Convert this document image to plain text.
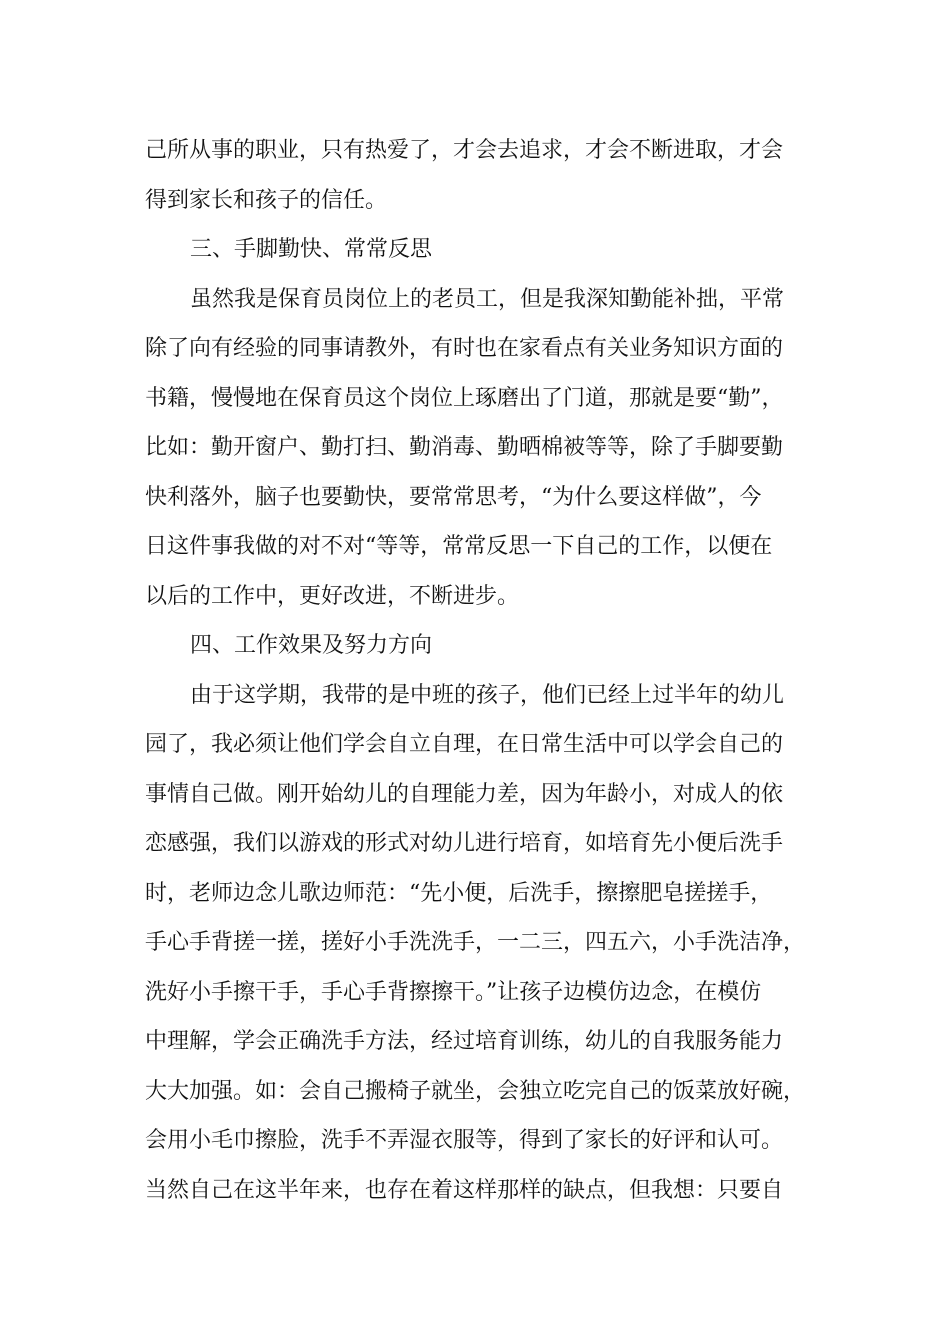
己所从事的职业，只有热爱了，才会去追求，才会不断进取，才会
得到家长和孩子的信任。
三、手脚勤快、常常反思
虽然我是保育员岗位上的老员工，但是我深知勤能补拙，平常
除了向有经验的同事请教外，有时也在家看点有关业务知识方面的
书籍，慢慢地在保育员这个岗位上琢磨出了门道，那就是要“勤”，
比如：勤开窗户、勤打扫、勤消毒、勤晒棉被等等，除了手脚要勤
快利落外，脑子也要勤快，要常常思考，“为什么要这样做”，今
日这件事我做的对不对“等等，常常反思一下自己的工作，以便在
以后的工作中，更好改进，不断进步。
四、工作效果及努力方向
由于这学期，我带的是中班的孩子，他们已经上过半年的幼儿
园了，我必须让他们学会自立自理，在日常生活中可以学会自己的
事情自己做。刚开始幼儿的自理能力差，因为年龄小，对成人的依
恋感强，我们以游戏的形式对幼儿进行培育，如培育先小便后洗手
时，老师边念儿歌边师范：“先小便，后洗手，擦擦肥皂搓搓手，
手心手背搓一搓，搓好小手洗洗手，一二三，四五六，小手洗洁净，
洗好小手擦干手，手心手背擦擦干。”让孩子边模仿边念，在模仿
中理解，学会正确洗手方法，经过培育训练，幼儿的自我服务能力
大大加强。如：会自己搬椅子就坐，会独立吃完自己的饭菜放好碗，
会用小毛巾擦脸，洗手不弄湿衣服等，得到了家长的好评和认可。
当然自己在这半年来，也存在着这样那样的缺点，但我想：只要自
